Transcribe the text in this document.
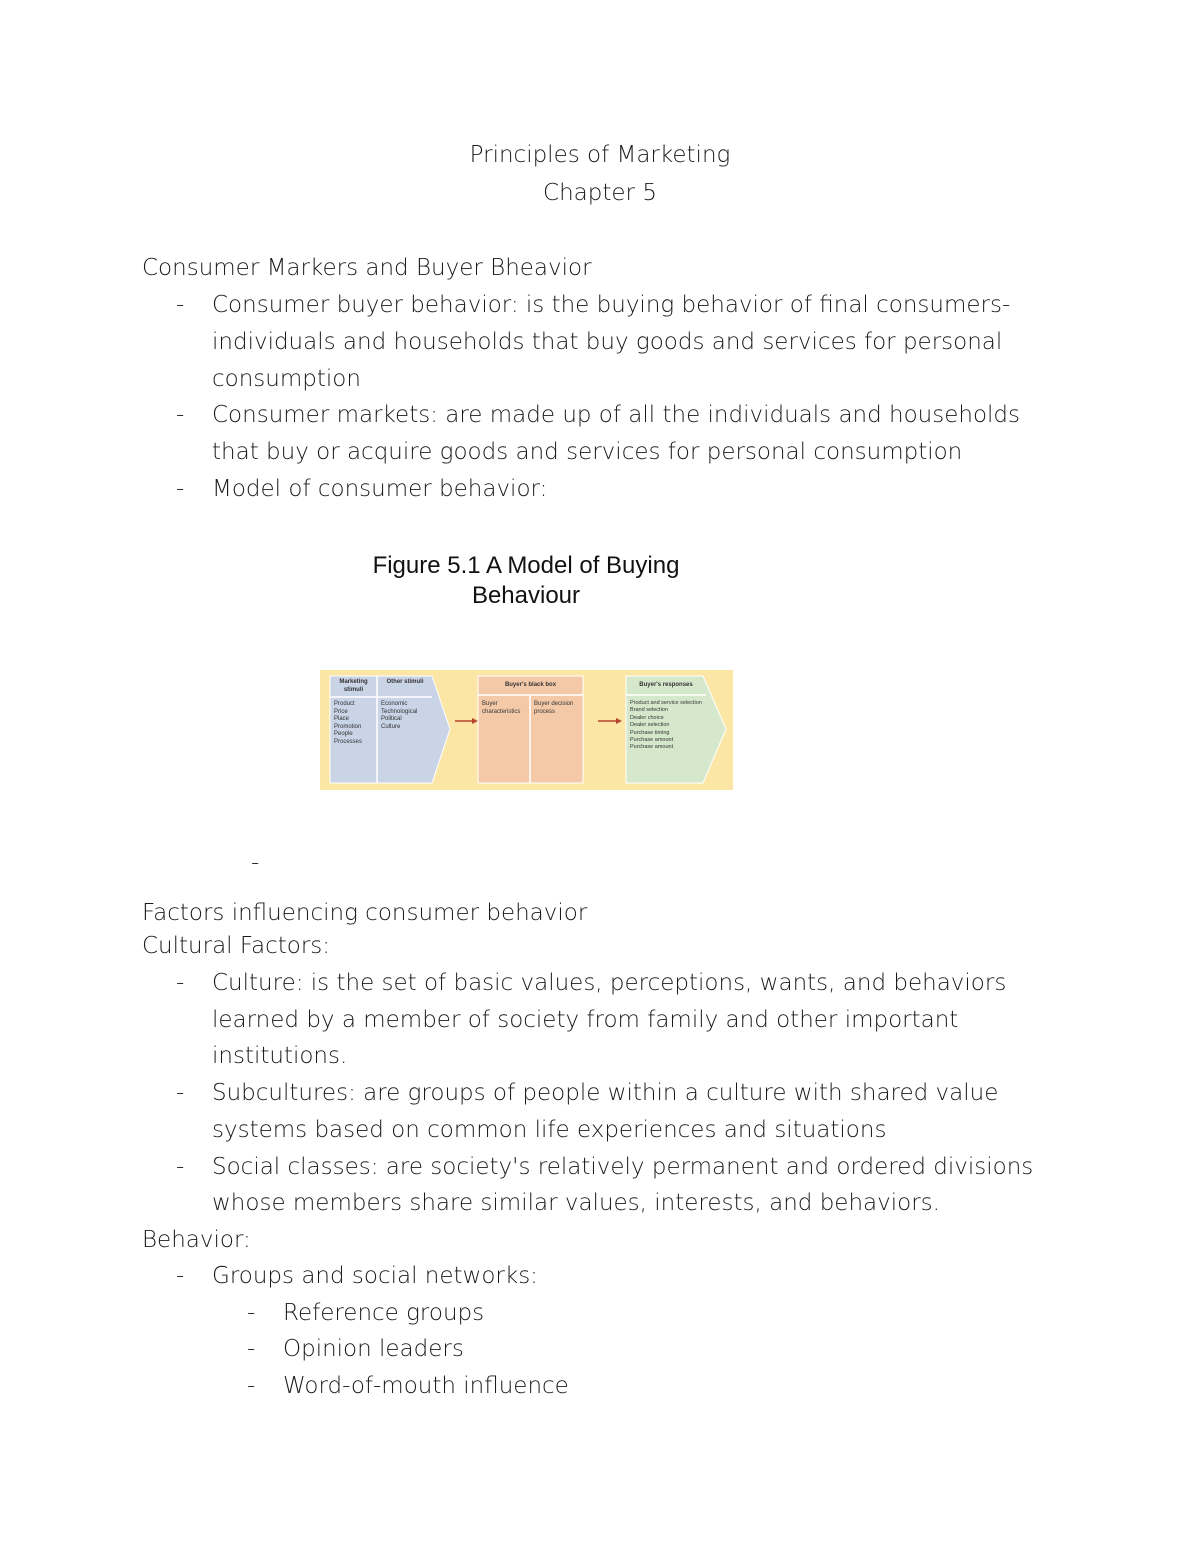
Principles of Marketing
Chapter 5
Consumer Markers and Buyer Bheavior
- Consumer buyer behavior: is the buying behavior of final consumers-
individuals and households that buy goods and services for personal
consumption
- Consumer markets: are made up of all the individuals and households
that buy or acquire goods and services for personal consumption
- Model of consumer behavior:
Figure 5.1 A Model of Buying
Behaviour
Marketing stimuli
Other stimuli
Product
Price
Place
Promotion
People
Processes
Economic
Technological
Political
Culture
Buyer's black box
Buyer characteristics
Buyer decision process
Buyer's responses
Product and service selection
Brand selection
Dealer choice
Dealer selection
Purchase timing
Purchase amount
Purchase amount
-
Factors influencing consumer behavior
Cultural Factors:
- Culture: is the set of basic values, perceptions, wants, and behaviors
learned by a member of society from family and other important
institutions.
- Subcultures: are groups of people within a culture with shared value
systems based on common life experiences and situations
- Social classes: are society's relatively permanent and ordered divisions
whose members share similar values, interests, and behaviors.
Behavior:
- Groups and social networks:
- Reference groups
- Opinion leaders
- Word-of-mouth influence
